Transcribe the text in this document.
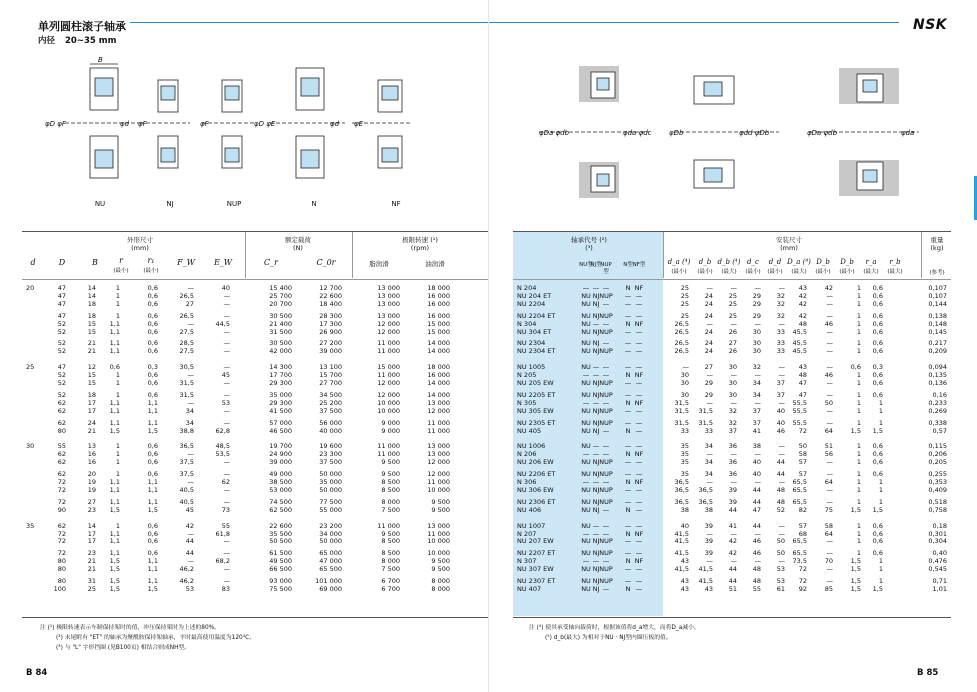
单列圆柱滚子轴承
内径 20~35 mm
B
φD φF	φd φF	φF	φD φE	φd φE
NU	NJ	NUP	N	NF
外形尺寸
(mm)
额定载荷
(N)
极限转速 (¹)
(rpm)
d	D	B	r
(最小)
r₁
(最小)
F_W E_W	C_r	C_0r	脂润滑	油润滑
20	47	14	1	0,6	—	40	15 400	12 700	13 000	18 000
47	14	1	0,6	26,5	—	25 700	22 600	13 000	16 000
47	18	1	0,6	27	—	20 700	18 400	13 000	16 000
47	18	1	0,6	26,5	—	30 500	28 300	13 000	16 000
52	15	1,1	0,6	—	44,5	21 400	17 300	12 000	15 000
52	15	1,1	0,6	27,5	—	31 500	26 900	12 000	15 000
52	21	1,1	0,6	28,5	—	30 500	27 200	11 000	14 000
52	21	1,1	0,6	27,5	—	42 000	39 000	11 000	14 000
25	47	12	0,6	0,3	30,5	—	14 300	13 100	15 000	18 000
52	15	1	0,6	—	45	17 700	15 700	11 000	16 000
52	15	1	0,6	31,5	—	29 300	27 700	12 000	14 000
52	18	1	0,6	31,5	—	35 000	34 500	12 000	14 000
62	17	1,1	1,1	—	53	29 300	25 200	10 000	13 000
62	17	1,1	1,1	34	—	41 500	37 500	10 000	12 000
62	24	1,1	1,1	34	—	57 000	56 000	9 000	11 000
80	21	1,5	1,5	38,8	62,8	46 500	40 000	9 000	11 000
30	55	13	1	0,6	36,5	48,5	19 700	19 600	11 000	13 000
62	16	1	0,6	—	53,5	24 900	23 300	11 000	13 000
62	16	1	0,6	37,5	—	39 000	37 500	9 500	12 000
62	20	1	0,6	37,5	—	49 000	50 000	9 500	12 000
72	19	1,1	1,1	—	62	38 500	35 000	8 500	11 000
72	19	1,1	1,1	40,5	—	53 000	50 000	8 500	10 000
72	27	1,1	1,1	40,5	—	74 500	77 500	8 000	9 500
90	23	1,5	1,5	45	73	62 500	55 000	7 500	9 500
35	62	14	1	0,6	42	55	22 600	23 200	11 000	13 000
72	17	1,1	0,6	—	61,8	35 500	34 000	9 500	11 000
72	17	1,1	0,6	44	—	50 500	50 000	8 500	10 000
72	23	1,1	0,6	44	—	61 500	65 000	8 500	10 000
80	21	1,5	1,1	—	68,2	49 500	47 000	8 000	9 500
80	21	1,5	1,1	46,2	—	66 500	65 500	7 500	9 500
80	31	1,5	1,1	46,2	—	93 000	101 000	6 700	8 000
100	25	1,5	1,5	53	83	75 500	69 000	6 700	8 000
注 (¹) 极限转速表示车制保持架时的值，冲压保持架时为上述的80%。
(²) 末尾附有 "ET" 的轴承为聚酰胺保持架轴承，平时最高使用温度为120℃。
(³) 与 "L" 字形挡圈 (见B100页) 相结合则成NH型。
B 84
NSK
φDa φdb	φda φdc	φDb	φdd φDb	φDa φdb	φda
轴承代号 (²)
(³)
安装尺寸
(mm)
重量
(kg)
(参考)
NU型
NJ型
NUP型
N型 NF型	d_a (⁴)
(最小)
d_b
(最小)
d_b (⁴)
(最大)
d_c
(最小)
d_d
(最小)
D_a (⁴)
(最大)
D_b
(最小)
D_b
(最小)
r_a
(最大)
r_b
(最大)
N 204	— — —	N NF	25	—	—	—	—	43	42	1	0,6	0,107
NU 204 ET	NU NJ NUP	— —	25	24	25	29	32	42	—	1	0,6	0,107
NU 2204	NU NJ —	— —	25	24	25	29	32	42	—	1	0,6	0,144
NU 2204 ET	NU NJ NUP	— —	25	24	25	29	32	42	—	1	0,6	0,138
N 304	NU — —	N NF	26,5	—	—	—	—	48	46	1	0,6	0,148
NU 304 ET	NU NJ NUP	— —	26,5	24	26	30	33	45,5	—	1	0,6	0,145
NU 2304	NU NJ —	— —	26,5	24	27	30	33	45,5	—	1	0,6	0,217
NU 2304 ET	NU NJ NUP	— —	26,5	24	26	30	33	45,5	—	1	0,6	0,209
NU 1005	NU — —	— —	—	27	30	32	—	43	—	0,6	0,3	0,094
N 205	— — —	N NF	30	—	—	—	—	48	46	1	0,6	0,135
NU 205 EW	NU NJ NUP	— —	30	29	30	34	37	47	—	1	0,6	0,136
NU 2205 ET	NU NJ NUP	— —	30	29	30	34	37	47	—	1	0,6	0,16
N 305	— — —	N NF	31,5	—	—	—	—	55,5	50	1	1	0,233
NU 305 EW	NU NJ NUP	— —	31,5	31,5	32	37	40	55,5	—	1	1	0,269
NU 2305 ET	NU NJ NUP	— —	31,5	31,5	32	37	40	55,5	—	1	1	0,338
NU 405	NU NJ —	N —	33	33	37	41	46	72	64	1,5	1,5	0,57
NU 1006	NU — —	— —	35	34	36	38	—	50	51	1	0,6	0,115
N 206	— — —	N NF	35	—	—	—	—	58	56	1	0,6	0,206
NU 206 EW	NU NJ NUP	— —	35	34	36	40	44	57	—	1	0,6	0,205
NU 2206 ET	NU NJ NUP	— —	35	34	36	40	44	57	—	1	0,6	0,255
N 306	— — —	N NF	36,5	—	—	—	—	65,5	64	1	1	0,353
NU 306 EW	NU NJ NUP	— —	36,5	36,5	39	44	48	65,5	—	1	1	0,409
NU 2306 ET	NU NJ NUP	— —	36,5	36,5	39	44	48	65,5	—	1	1	0,518
NU 406	NU NJ —	N —	38	38	44	47	52	82	75	1,5	1,5	0,758
NU 1007	NU — —	— —	40	39	41	44	—	57	58	1	0,6	0,18
N 207	— — —	N NF	41,5	—	—	—	—	68	64	1	0,6	0,301
NU 207 EW	NU NJ NUP	— —	41,5	39	42	46	50	65,5	—	1	0,6	0,304
NU 2207 ET	NU NJ NUP	— —	41,5	39	42	46	50	65,5	—	1	0,6	0,40
N 307	— — —	N NF	43	—	—	—	—	73,5	70	1,5	1	0,476
NU 307 EW	NU NJ NUP	— —	41,5	41,5	44	48	53	72	—	1,5	1	0,545
NU 2307 ET	NU NJ NUP	— —	43	41,5	44	48	53	72	—	1,5	1	0,71
NU 407	NU NJ —	N —	43	43	51	55	61	92	85	1,5	1,5	1,01
注 (⁴) 使其承受轴向载荷时，根据该值将d_a增大，而将D_a减小。
(⁵) d_b(最大) 为相对于NU · NJ型内圈压板的值。
B 85
